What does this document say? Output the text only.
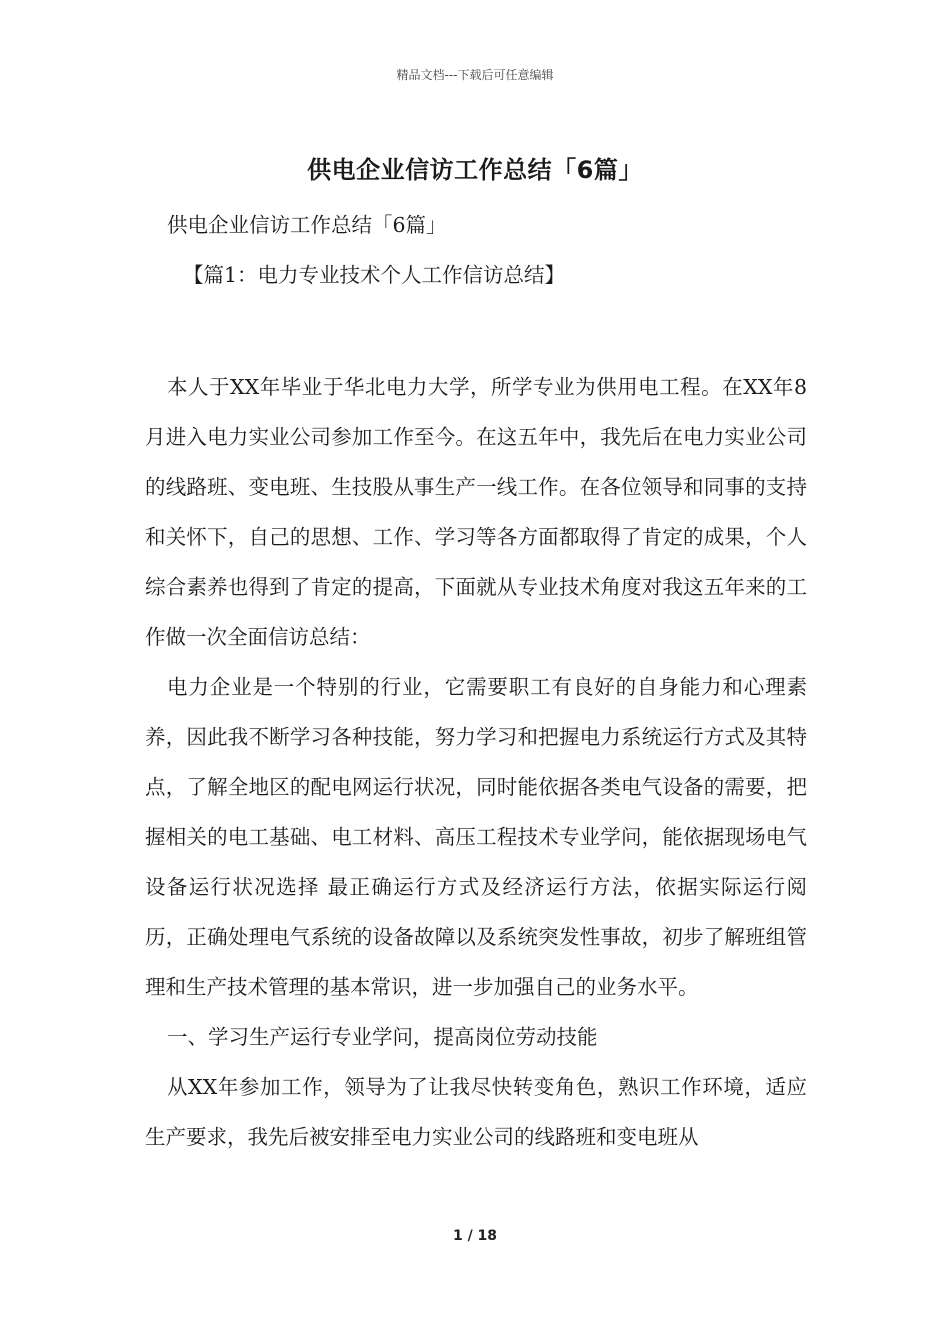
精品文档---下载后可任意编辑
供电企业信访工作总结「6篇」

供电企业信访工作总结「6篇」

【篇1：电力专业技术个人工作信访总结】

本人于XX年毕业于华北电力大学，所学专业为供用电工程。在XX年8月进入电力实业公司参加工作至今。在这五年中，我先后在电力实业公司的线路班、变电班、生技股从事生产一线工作。在各位领导和同事的支持和关怀下，自己的思想、工作、学习等各方面都取得了肯定的成果，个人综合素养也得到了肯定的提高，下面就从专业技术角度对我这五年来的工作做一次全面信访总结：

电力企业是一个特别的行业，它需要职工有良好的自身能力和心理素养，因此我不断学习各种技能，努力学习和把握电力系统运行方式及其特点，了解全地区的配电网运行状况，同时能依据各类电气设备的需要，把握相关的电工基础、电工材料、高压工程技术专业学问，能依据现场电气设备运行状况选择 最正确运行方式及经济运行方法，依据实际运行阅历，正确处理电气系统的设备故障以及系统突发性事故，初步了解班组管理和生产技术管理的基本常识，进一步加强自己的业务水平。

一、学习生产运行专业学问，提高岗位劳动技能

从XX年参加工作，领导为了让我尽快转变角色，熟识工作环境，适应生产要求，我先后被安排至电力实业公司的线路班和变电班从

1 / 18
